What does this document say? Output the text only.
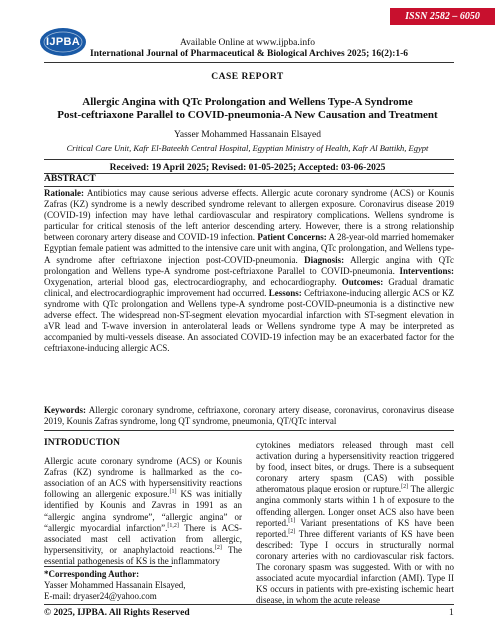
ISSN 2582 – 6050
IJPBA	Available Online at www.ijpba.info
International Journal of Pharmaceutical & Biological Archives 2025; 16(2):1-6
CASE REPORT
Allergic Angina with QTc Prolongation and Wellens Type-A Syndrome
Post-ceftriaxone Parallel to COVID-pneumonia-A New Causation and Treatment
Yasser Mohammed Hassanain Elsayed
Critical Care Unit, Kafr El-Bateekh Central Hospital, Egyptian Ministry of Health, Kafr Al Battikh, Egypt
Received: 19 April 2025; Revised: 01-05-2025; Accepted: 03-06-2025
ABSTRACT
Rationale: Antibiotics may cause serious adverse effects. Allergic acute coronary syndrome (ACS) or Kounis Zafras (KZ) syndrome is a newly described syndrome relevant to allergen exposure. Coronavirus disease 2019 (COVID-19) infection may have lethal cardiovascular and respiratory complications. Wellens syndrome is particular for critical stenosis of the left anterior descending artery. However, there is a strong relationship between coronary artery disease and COVID-19 infection. Patient Concerns: A 28-year-old married homemaker Egyptian female patient was admitted to the intensive care unit with angina, QTc prolongation, and Wellens type-A syndrome after ceftriaxone injection post-COVID-pneumonia. Diagnosis: Allergic angina with QTc prolongation and Wellens type-A syndrome post-ceftriaxone Parallel to COVID-pneumonia. Interventions: Oxygenation, arterial blood gas, electrocardiography, and echocardiography. Outcomes: Gradual dramatic clinical, and electrocardiographic improvement had occurred. Lessons: Ceftriaxone-inducing allergic ACS or KZ syndrome with QTc prolongation and Wellens type-A syndrome post-COVID-pneumonia is a distinctive new adverse effect. The widespread non-ST-segment elevation myocardial infarction with ST-segment elevation in aVR lead and T-wave inversion in anterolateral leads or Wellens syndrome type A may be interpreted as accompanied by multi-vessels disease. An associated COVID-19 infection may be an exacerbated factor for the ceftriaxone-inducing allergic ACS.
Keywords: Allergic coronary syndrome, ceftriaxone, coronary artery disease, coronavirus, coronavirus disease 2019, Kounis Zafras syndrome, long QT syndrome, pneumonia, QT/QTc interval
INTRODUCTION
Allergic acute coronary syndrome (ACS) or Kounis Zafras (KZ) syndrome is hallmarked as the co-association of an ACS with hypersensitivity reactions following an allergenic exposure.[1] KS was initially identified by Kounis and Zavras in 1991 as an “allergic angina syndrome”, “allergic angina” or “allergic myocardial infarction”.[1,2] There is ACS-associated mast cell activation from allergic, hypersensitivity, or anaphylactoid reactions.[2] The essential pathogenesis of KS is the inflammatory
cytokines mediators released through mast cell activation during a hypersensitivity reaction triggered by food, insect bites, or drugs. There is a subsequent coronary artery spasm (CAS) with possible atheromatous plaque erosion or rupture.[2] The allergic angina commonly starts within 1 h of exposure to the offending allergen. Longer onset ACS also have been reported.[1] Variant presentations of KS have been reported.[2] Three different variants of KS have been described: Type I occurs in structurally normal coronary arteries with no cardiovascular risk factors. The coronary spasm was suggested. With or with no associated acute myocardial infarction (AMI). Type II KS occurs in patients with pre-existing ischemic heart disease, in whom the acute release
*Corresponding Author:
Yasser Mohammed Hassanain Elsayed,
E-mail: dryaser24@yahoo.com
© 2025, IJPBA. All Rights Reserved	1
